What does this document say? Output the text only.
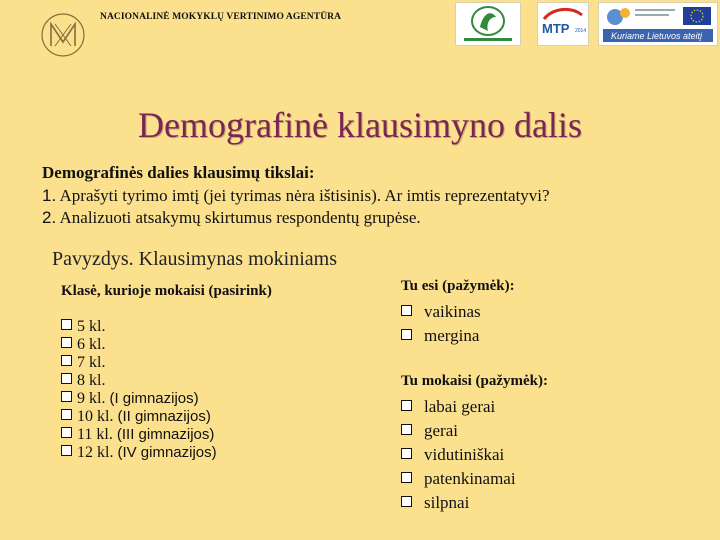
NACIONALINĖ MOKYKLŲ VERTINIMO AGENTŪRA
MTP 2014	Kuriame Lietuvos ateitį
Demografinė klausimyno dalis
Demografinės dalies klausimų tikslai:
1. Aprašyti tyrimo imtį (jei tyrimas nėra ištisinis). Ar imtis reprezentatyvi?
2. Analizuoti atsakymų skirtumus respondentų grupėse.
Pavyzdys. Klausimynas mokiniams
Klasė, kurioje mokaisi (pasirink)
5 kl.
6 kl.
7 kl.
8 kl.
9 kl. (I gimnazijos)
10 kl. (II gimnazijos)
11 kl. (III gimnazijos)
12 kl. (IV gimnazijos)
Tu esi (pažymėk):
vaikinas
mergina
Tu mokaisi (pažymėk):
labai gerai
gerai
vidutiniškai
patenkinamai
silpnai
